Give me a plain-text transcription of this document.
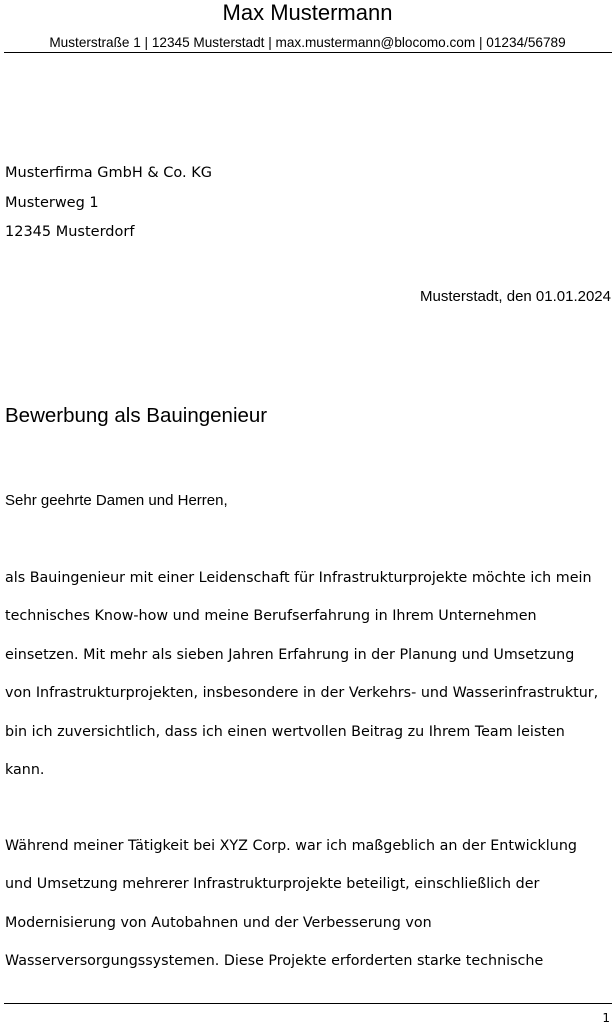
Max Mustermann
Musterstraße 1 | 12345 Musterstadt | max.mustermann@blocomo.com | 01234/56789
Musterfirma GmbH & Co. KG
Musterweg 1
12345 Musterdorf
Musterstadt, den 01.01.2024
Bewerbung als Bauingenieur
Sehr geehrte Damen und Herren,
als Bauingenieur mit einer Leidenschaft für Infrastrukturprojekte möchte ich mein
technisches Know-how und meine Berufserfahrung in Ihrem Unternehmen
einsetzen. Mit mehr als sieben Jahren Erfahrung in der Planung und Umsetzung
von Infrastrukturprojekten, insbesondere in der Verkehrs- und Wasserinfrastruktur,
bin ich zuversichtlich, dass ich einen wertvollen Beitrag zu Ihrem Team leisten
kann.
Während meiner Tätigkeit bei XYZ Corp. war ich maßgeblich an der Entwicklung
und Umsetzung mehrerer Infrastrukturprojekte beteiligt, einschließlich der
Modernisierung von Autobahnen und der Verbesserung von
Wasserversorgungssystemen. Diese Projekte erforderten starke technische
1
